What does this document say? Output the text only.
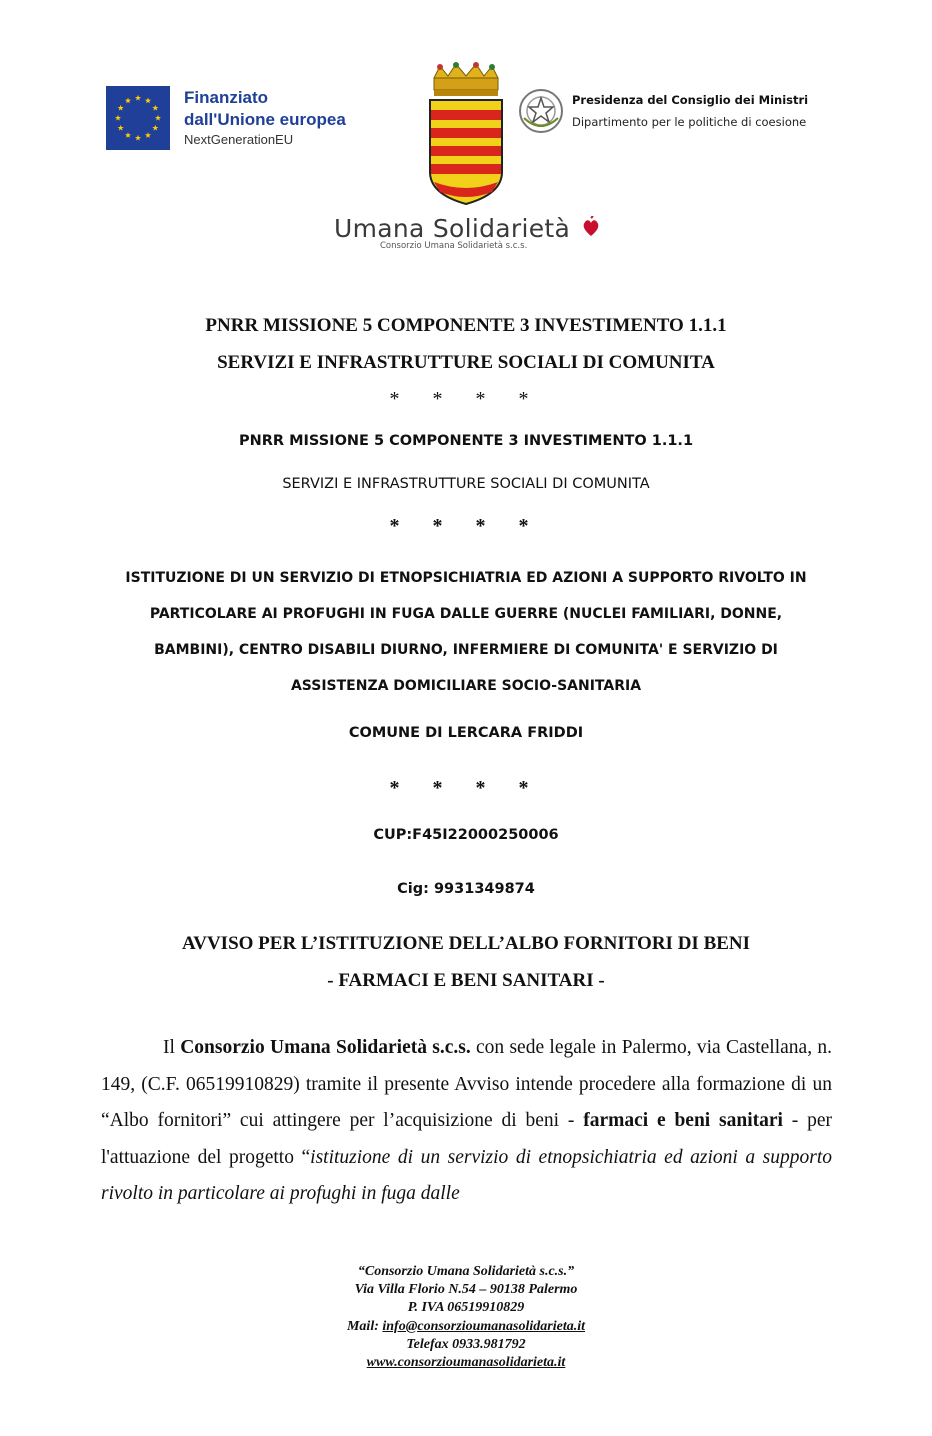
Finanziato
dall'Unione europea
NextGenerationEU
Presidenza del Consiglio dei Ministri
Dipartimento per le politiche di coesione
Umana Solidarietà
Consorzio Umana Solidarietà s.c.s.
PNRR MISSIONE 5 COMPONENTE 3 INVESTIMENTO 1.1.1
SERVIZI E INFRASTRUTTURE SOCIALI DI COMUNITA
* * * *
PNRR MISSIONE 5 COMPONENTE 3 INVESTIMENTO 1.1.1
SERVIZI E INFRASTRUTTURE SOCIALI DI COMUNITA
* * * *
ISTITUZIONE DI UN SERVIZIO DI ETNOPSICHIATRIA ED AZIONI A SUPPORTO RIVOLTO IN
PARTICOLARE AI PROFUGHI IN FUGA DALLE GUERRE (NUCLEI FAMILIARI, DONNE,
BAMBINI), CENTRO DISABILI DIURNO, INFERMIERE DI COMUNITA' E SERVIZIO DI
ASSISTENZA DOMICILIARE SOCIO-SANITARIA
COMUNE DI LERCARA FRIDDI
* * * *
CUP:F45I22000250006
Cig: 9931349874
AVVISO PER L’ISTITUZIONE DELL’ALBO FORNITORI DI BENI
- FARMACI E BENI SANITARI -
Il Consorzio Umana Solidarietà s.c.s. con sede legale in Palermo, via Castellana, n. 149, (C.F. 06519910829) tramite il presente Avviso intende procedere alla formazione di un “Albo fornitori” cui attingere per l’acquisizione di beni - farmaci e beni sanitari - per l'attuazione del progetto “istituzione di un servizio di etnopsichiatria ed azioni a supporto rivolto in particolare ai profughi in fuga dalle
“Consorzio Umana Solidarietà s.c.s.”
Via Villa Florio N.54 – 90138 Palermo
P. IVA 06519910829
Mail: info@consorzioumanasolidarieta.it
Telefax 0933.981792
www.consorzioumanasolidarieta.it
